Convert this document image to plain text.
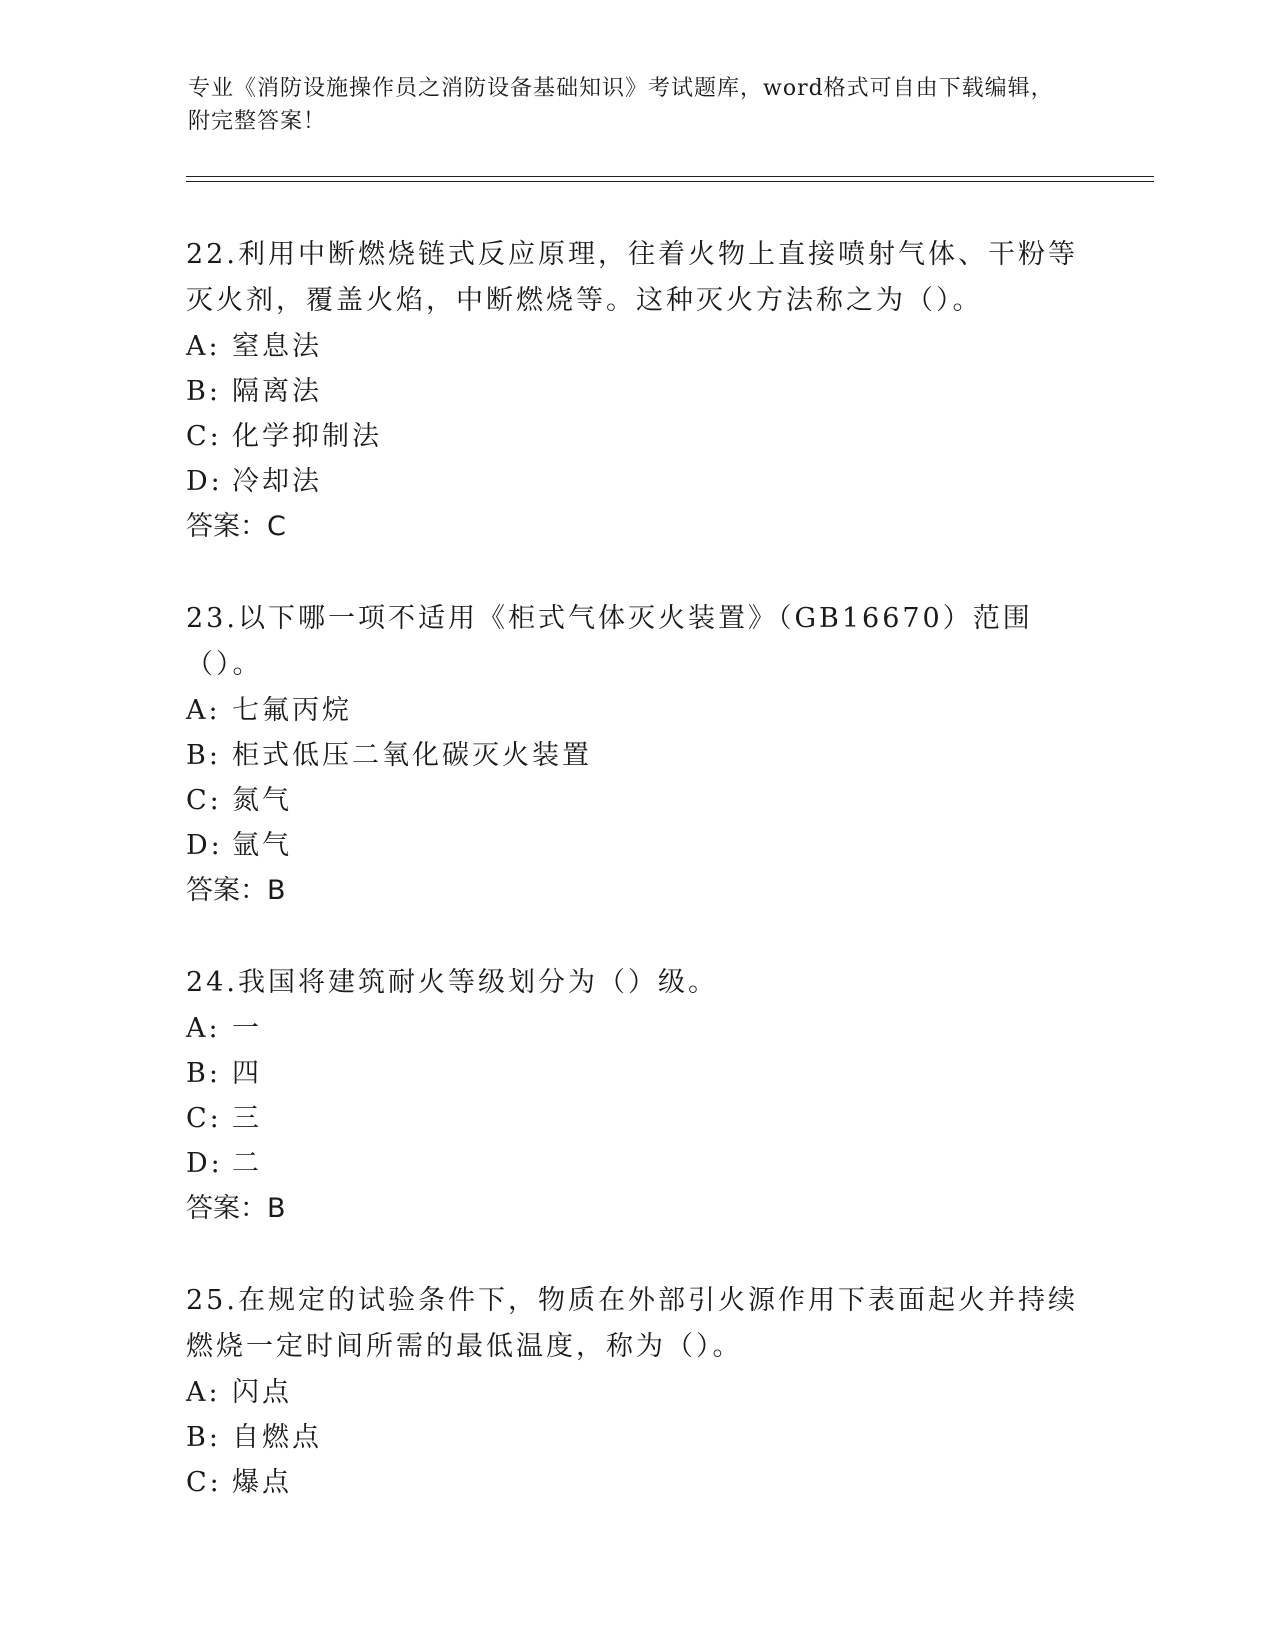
专业《消防设施操作员之消防设备基础知识》考试题库，word格式可自由下载编辑，附完整答案！

22.利用中断燃烧链式反应原理，往着火物上直接喷射气体、干粉等灭火剂，覆盖火焰，中断燃烧等。这种灭火方法称之为（）。

A: 窒息法

B: 隔离法

C: 化学抑制法

D: 冷却法

答案：C

23.以下哪一项不适用《柜式气体灭火装置》（GB16670）范围（）。

A: 七氟丙烷

B: 柜式低压二氧化碳灭火装置

C: 氮气

D: 氩气

答案：B

24.我国将建筑耐火等级划分为（）级。

A: 一

B: 四

C: 三

D: 二

答案：B

25.在规定的试验条件下，物质在外部引火源作用下表面起火并持续燃烧一定时间所需的最低温度，称为（）。

A: 闪点

B: 自燃点

C: 爆点
